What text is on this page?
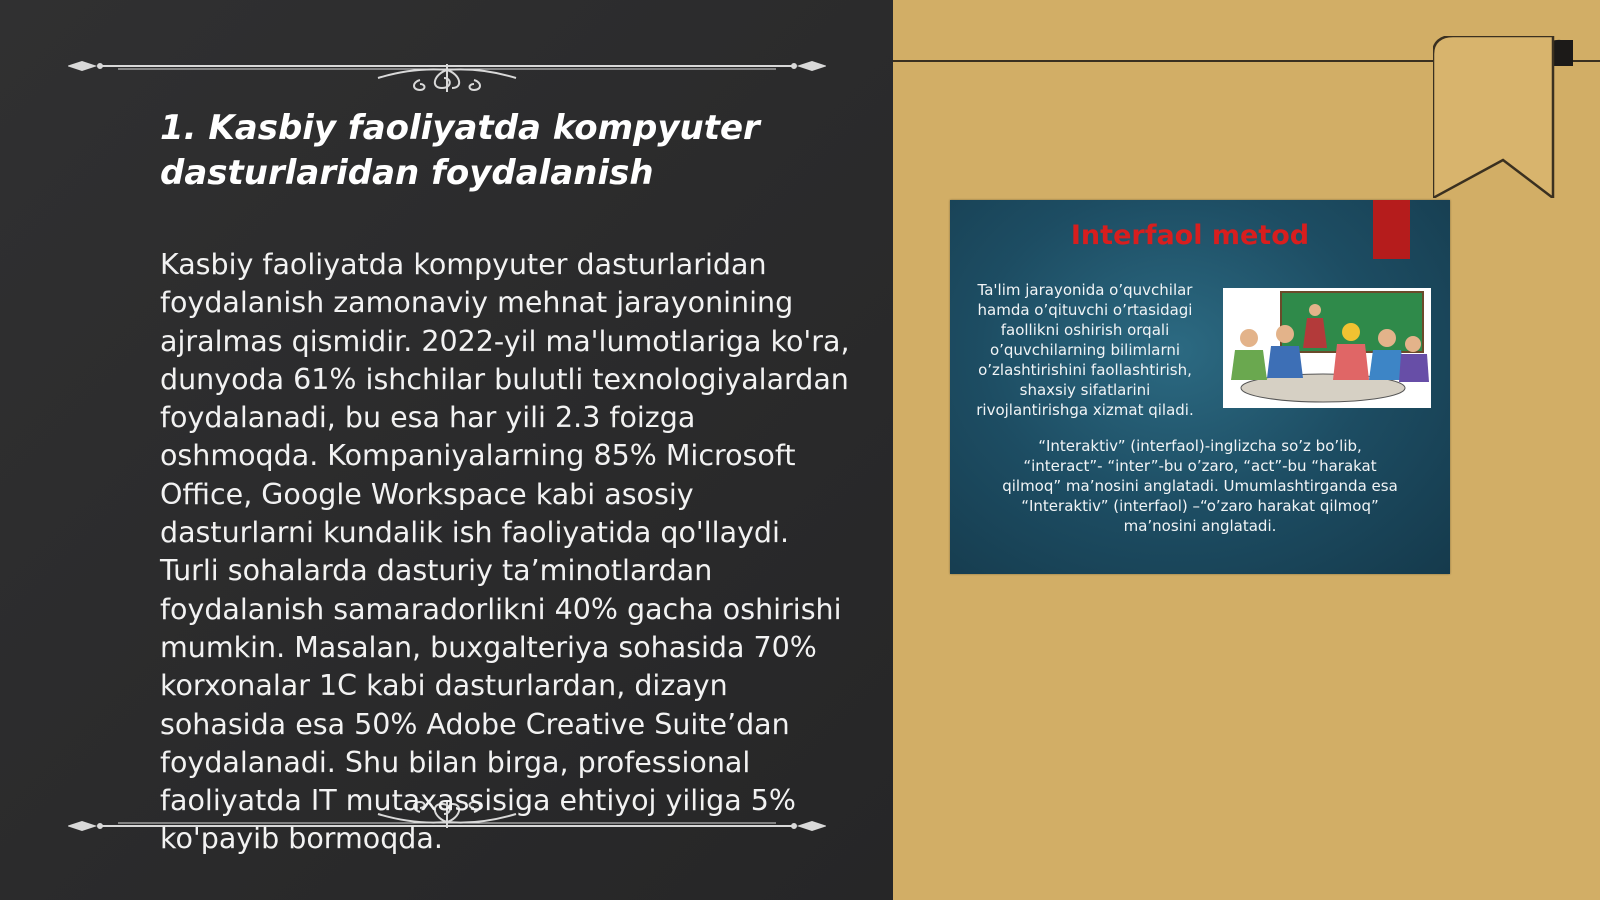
1. Kasbiy faoliyatda kompyuter
dasturlaridan foydalanish

Kasbiy faoliyatda kompyuter dasturlaridan foydalanish zamonaviy mehnat jarayonining ajralmas qismidir. 2022-yil ma'lumotlariga ko'ra, dunyoda 61% ishchilar bulutli texnologiyalardan foydalanadi, bu esa har yili 2.3 foizga oshmoqda. Kompaniyalarning 85% Microsoft Office, Google Workspace kabi asosiy dasturlarni kundalik ish faoliyatida qo'llaydi. Turli sohalarda dasturiy ta’minotlardan foydalanish samaradorlikni 40% gacha oshirishi mumkin. Masalan, buxgalteriya sohasida 70% korxonalar 1C kabi dasturlardan, dizayn sohasida esa 50% Adobe Creative Suite’dan foydalanadi. Shu bilan birga, professional faoliyatda IT mutaxassisiga ehtiyoj yiliga 5% ko'payib bormoqda.

Interfaol metod
Ta'lim jarayonida o’quvchilar
hamda o’qituvchi o’rtasidagi
faollikni oshirish orqali
o’quvchilarning bilimlarni
o’zlashtirishini faollashtirish,
shaxsiy sifatlarini
rivojlantirishga xizmat qiladi.
“Interaktiv” (interfaol)-inglizcha so’z bo’lib,
“interact”- “inter”-bu o’zaro, “act”-bu “harakat
qilmoq” ma’nosini anglatadi. Umumlashtirganda esa
“Interaktiv” (interfaol) –“o’zaro harakat qilmoq”
ma’nosini anglatadi.
